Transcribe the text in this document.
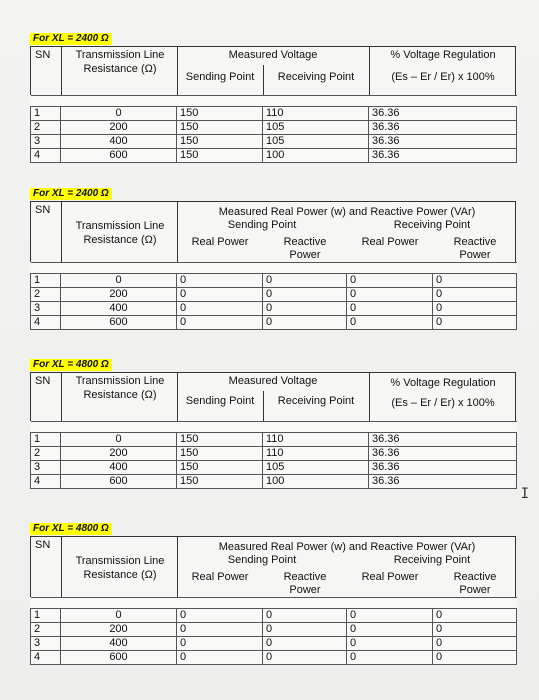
For XL = 2400 Ω
SN	Transmission Line
Resistance (Ω)
Measured Voltage
Sending Point	Receiving Point
% Voltage Regulation
(Es – Er / Er) x 100%

1	0	150	110	36.36
2	200	150	105	36.36
3	400	150	105	36.36
4	600	150	100	36.36
For XL = 2400 Ω
SN
Transmission Line
Resistance (Ω)
Measured Real Power (w) and Reactive Power (VAr)
Sending Point	Receiving Point
Real Power	Reactive
Power
Real Power	Reactive
Power

1	0	0	0	0	0
2	200	0	0	0	0
3	400	0	0	0	0
4	600	0	0	0	0
For XL = 4800 Ω
SN	Transmission Line
Resistance (Ω)
Measured Voltage
Sending Point	Receiving Point
% Voltage Regulation
(Es – Er / Er) x 100%

1	0	150	110	36.36
2	200	150	110	36.36
3	400	150	105	36.36
4	600	150	100	36.36
For XL = 4800 Ω
SN
Transmission Line
Resistance (Ω)
Measured Real Power (w) and Reactive Power (VAr)
Sending Point	Receiving Point
Real Power	Reactive
Power
Real Power	Reactive
Power

1	0	0	0	0	0
2	200	0	0	0	0
3	400	0	0	0	0
4	600	0	0	0	0
I
